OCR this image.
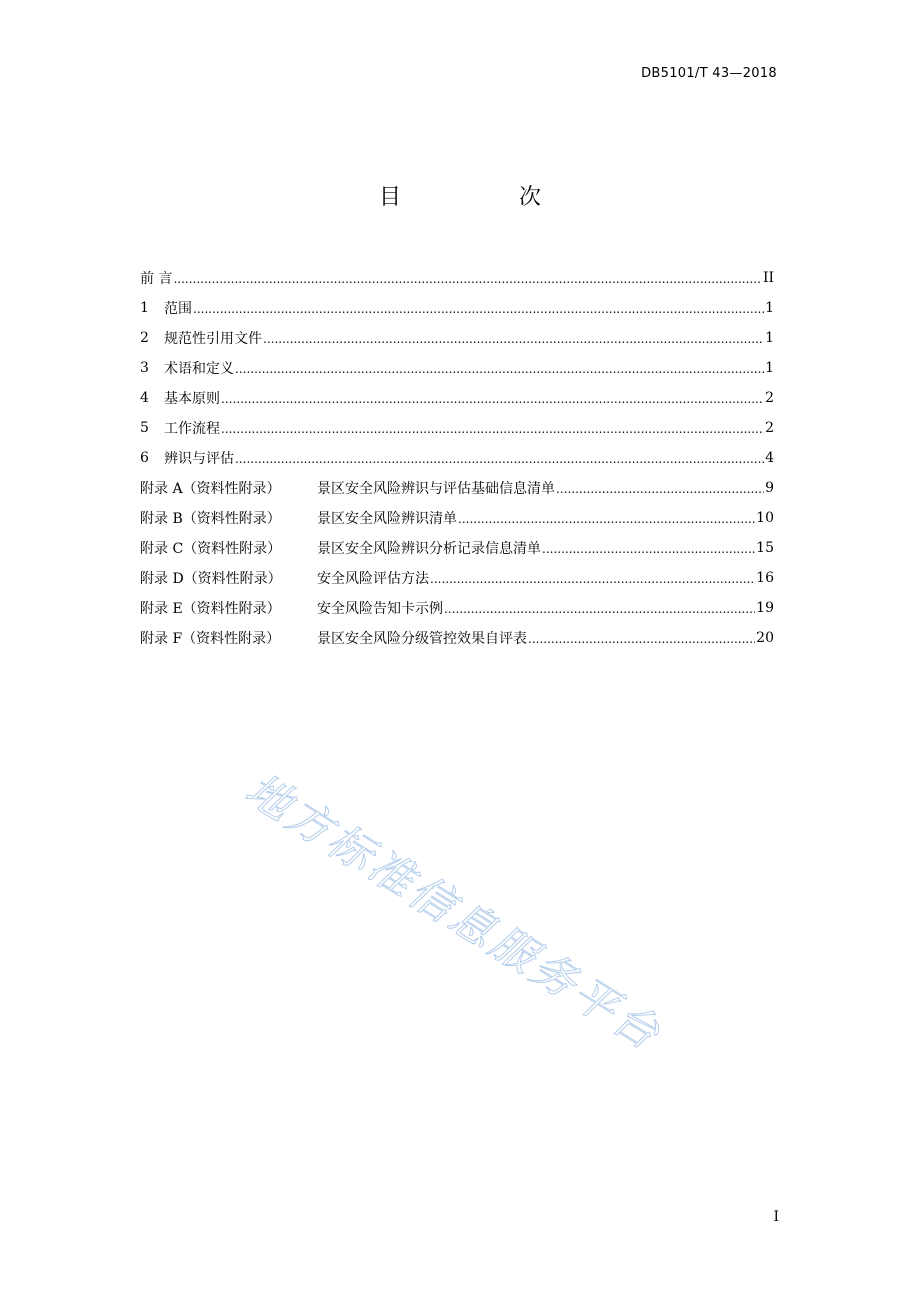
DB5101/T 43—2018
目　次
前 言 .....	II
1	范围 .....	1
2	规范性引用文件 .....	1
3	术语和定义 .....	1
4	基本原则 .....	2
5	工作流程 .....	2
6	辨识与评估 .....	4
附录 A（资料性附录）	景区安全风险辨识与评估基础信息清单 .....	9
附录 B（资料性附录）	景区安全风险辨识清单 .....	10
附录 C（资料性附录）	景区安全风险辨识分析记录信息清单 .....	15
附录 D（资料性附录）	安全风险评估方法 .....	16
附录 E（资料性附录）	安全风险告知卡示例 .....	19
附录 F（资料性附录）	景区安全风险分级管控效果自评表 .....	20
地方标准信息服务平台
I
